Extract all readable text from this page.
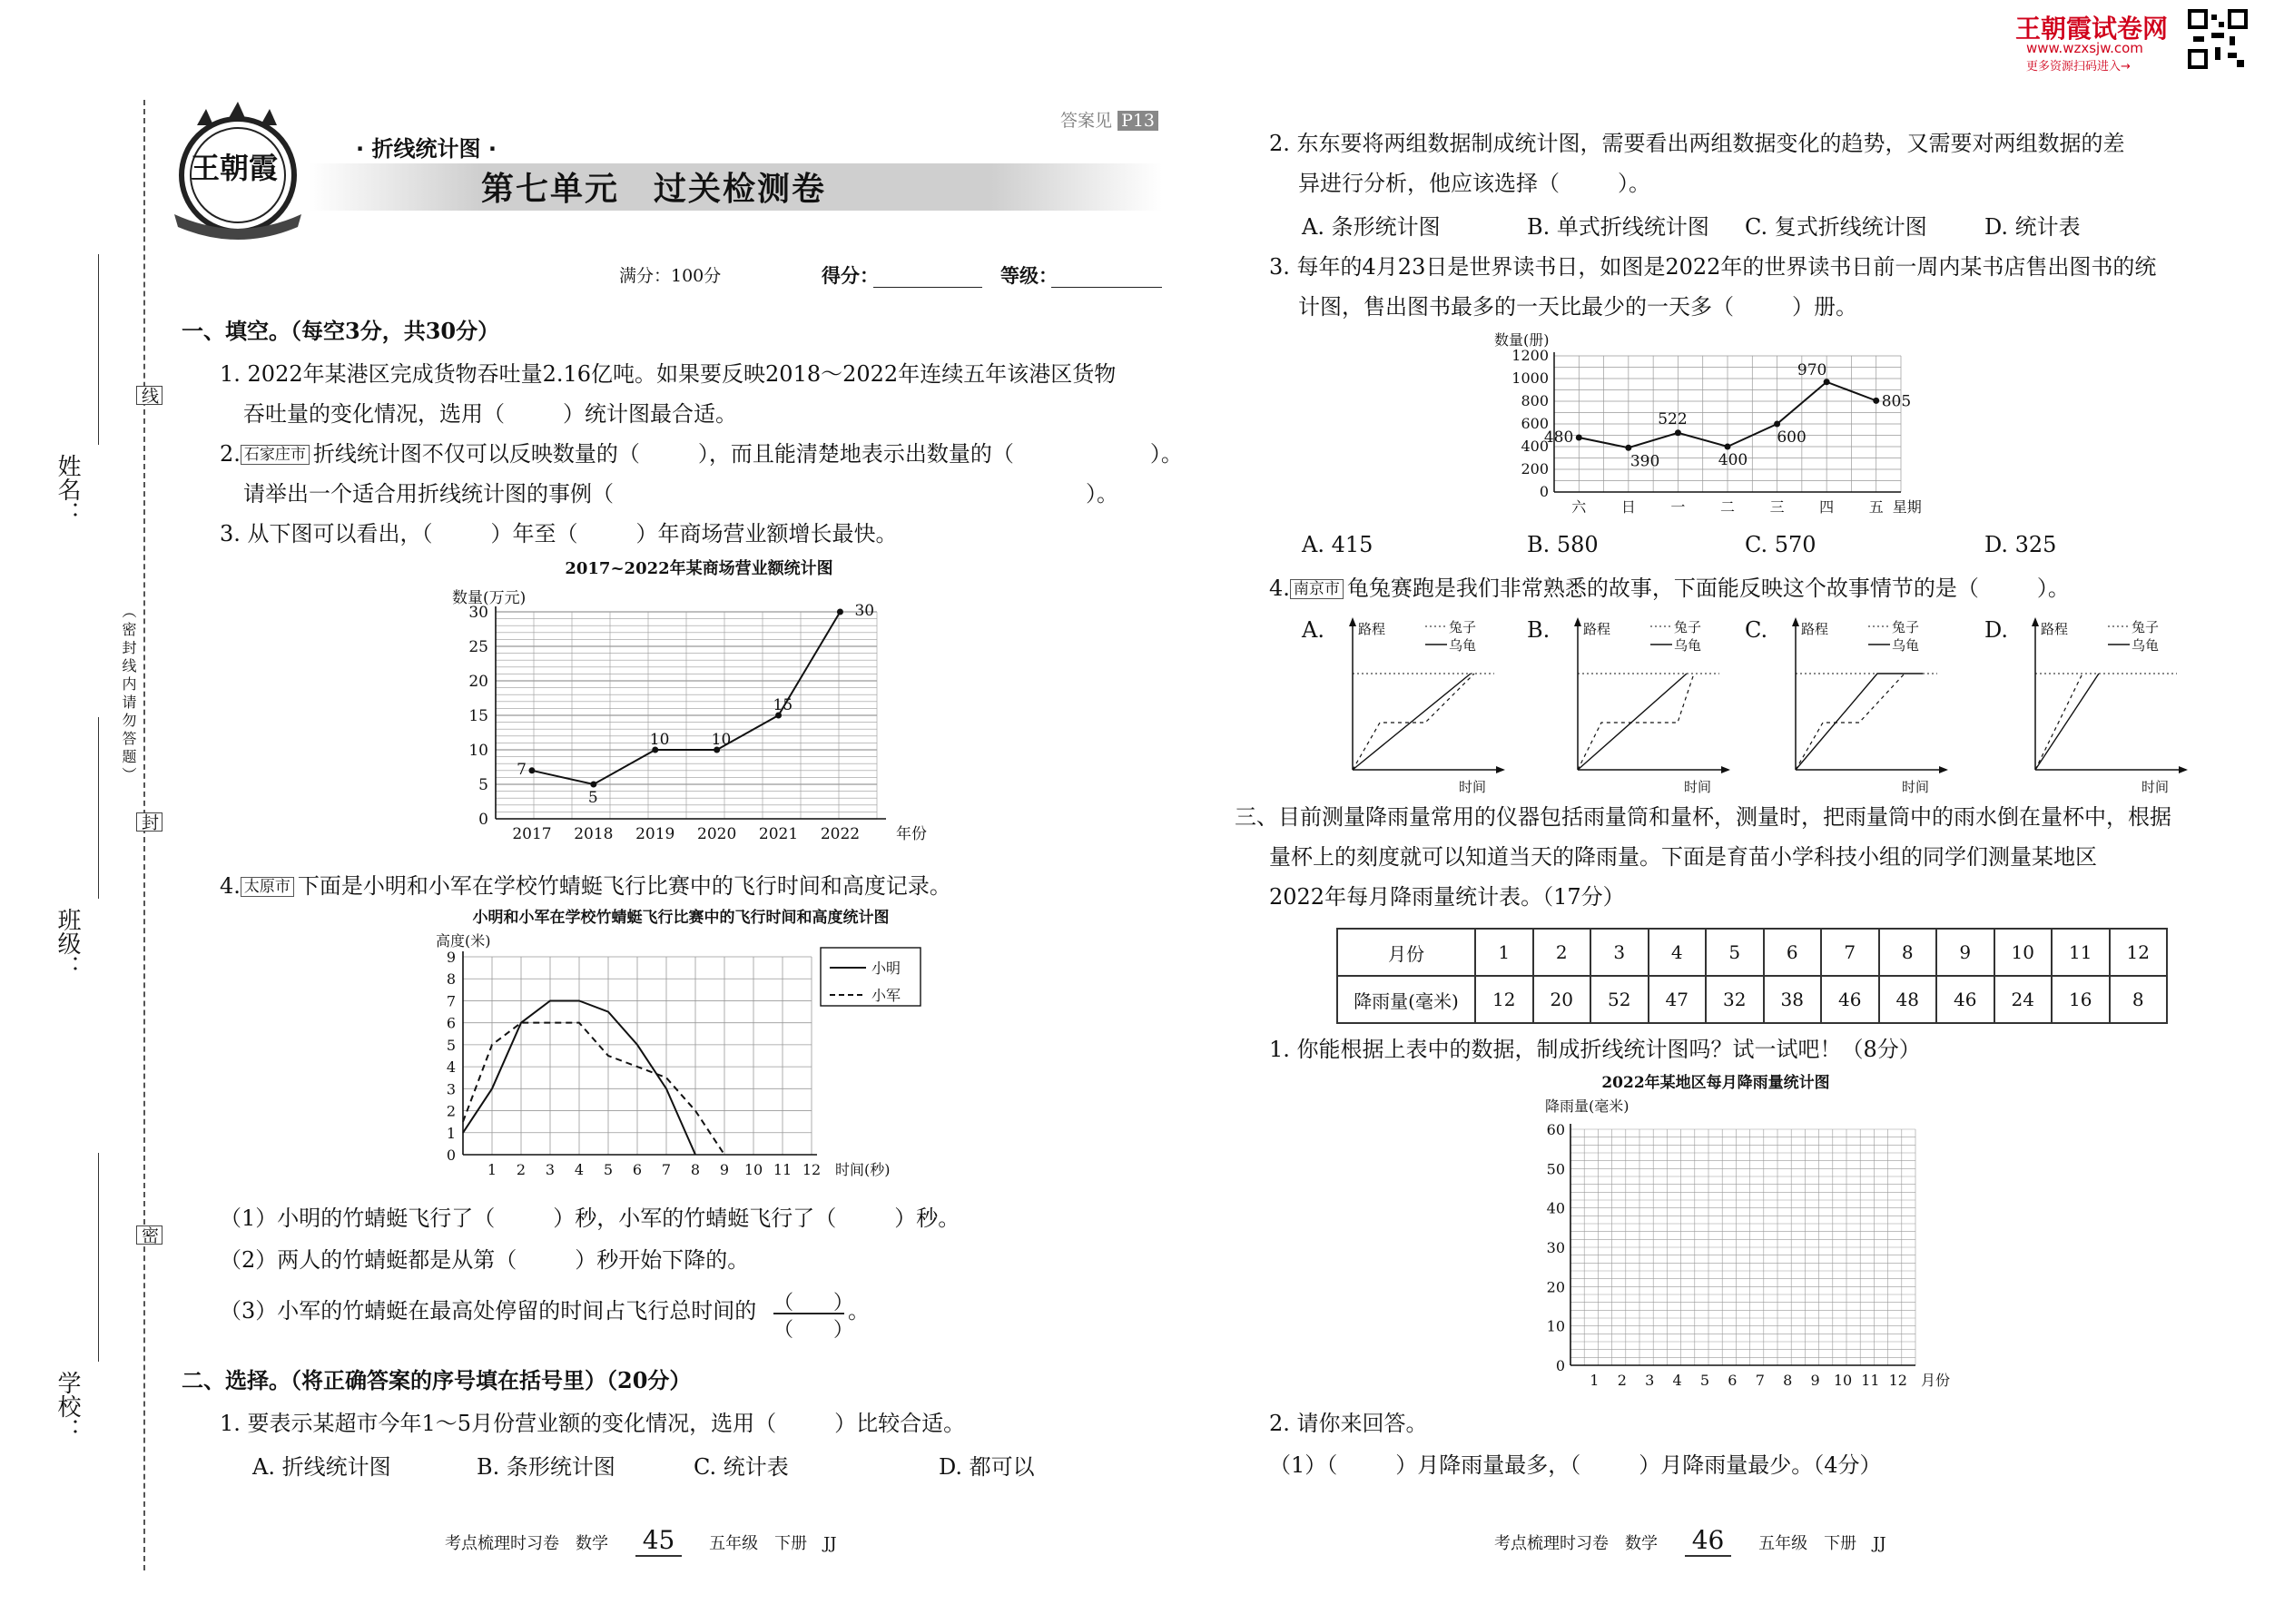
姓名：
班级：
学校：
（密封线内请勿答题）
线
封
密
王朝霞
· 折线统计图 ·
第七单元　过关检测卷
答案见 P13
满分：100分	得分：	等级：
王朝霞试卷网
www.wzxsjw.com
更多资源扫码进入→
一、填空。（每空3分，共30分）
1. 2022年某港区完成货物吞吐量2.16亿吨。如果要反映2018～2022年连续五年该港区货物
吞吐量的变化情况，选用（	）统计图最合适。
2. 石家庄市 折线统计图不仅可以反映数量的（	），而且能清楚地表示出数量的（	）。
请举出一个适合用折线统计图的事例（	）。
3. 从下图可以看出，（	）年至（	）年商场营业额增长最快。
2017~2022年某商场营业额统计图
数量(万元)
0
5
10
15
20
25
30
2017 2018 2019 2020 2021 2022 年份
7
5
10	10
15
30
4. 太原市 下面是小明和小军在学校竹蜻蜓飞行比赛中的飞行时间和高度记录。
小明和小军在学校竹蜻蜓飞行比赛中的飞行时间和高度统计图
高度(米)
0
1
2
3
4
5
6
7
8
9
1 2 3 4 5 6 7 8 9 10 11 12 时间(秒)
小明
小军
（1）小明的竹蜻蜓飞行了（	）秒，小军的竹蜻蜓飞行了（	）秒。
（2）两人的竹蜻蜓都是从第（	）秒开始下降的。
（3）小军的竹蜻蜓在最高处停留的时间占飞行总时间的 （　　）
（　　）
。
二、选择。（将正确答案的序号填在括号里）（20分）
1. 要表示某超市今年1～5月份营业额的变化情况，选用（	）比较合适。
A. 折线统计图	B. 条形统计图	C. 统计表	D. 都可以
考点梳理时习卷　数学 45 五年级　下册　JJ
2. 东东要将两组数据制成统计图，需要看出两组数据变化的趋势，又需要对两组数据的差
异进行分析，他应该选择（	）。
A. 条形统计图	B. 单式折线统计图 C. 复式折线统计图	D. 统计表
3. 每年的4月23日是世界读书日，如图是2022年的世界读书日前一周内某书店售出图书的统
计图，售出图书最多的一天比最少的一天多（	）册。
数量(册)
0
200
400
600
800
1000
1200
六 日 一 二 三 四 五 星期
480
390
522
400
600
970
805
A. 415	B. 580	C. 570	D. 325
4. 南京市 龟兔赛跑是我们非常熟悉的故事，下面能反映这个故事情节的是（	）。
A. 路程
时间
兔子
乌龟
B. 路程
时间
兔子
乌龟
C. 路程
时间
兔子
乌龟
D. 路程
时间
兔子
乌龟
三、目前测量降雨量常用的仪器包括雨量筒和量杯，测量时，把雨量筒中的雨水倒在量杯中，根据
量杯上的刻度就可以知道当天的降雨量。下面是育苗小学科技小组的同学们测量某地区
2022年每月降雨量统计表。（17分）
月份	1	2	3	4	5	6	7	8	9	10	11	12
降雨量(毫米)	12	20	52	47	32	38	46	48	46	24	16	8
1. 你能根据上表中的数据，制成折线统计图吗？试一试吧！（8分）
2022年某地区每月降雨量统计图
降雨量(毫米)
0
10
20
30
40
50
60
1 2 3 4 5 6 7 8 9 10 11 12 月份
2. 请你来回答。
（1）（	）月降雨量最多，（	）月降雨量最少。（4分）
考点梳理时习卷　数学 46 五年级　下册　JJ
